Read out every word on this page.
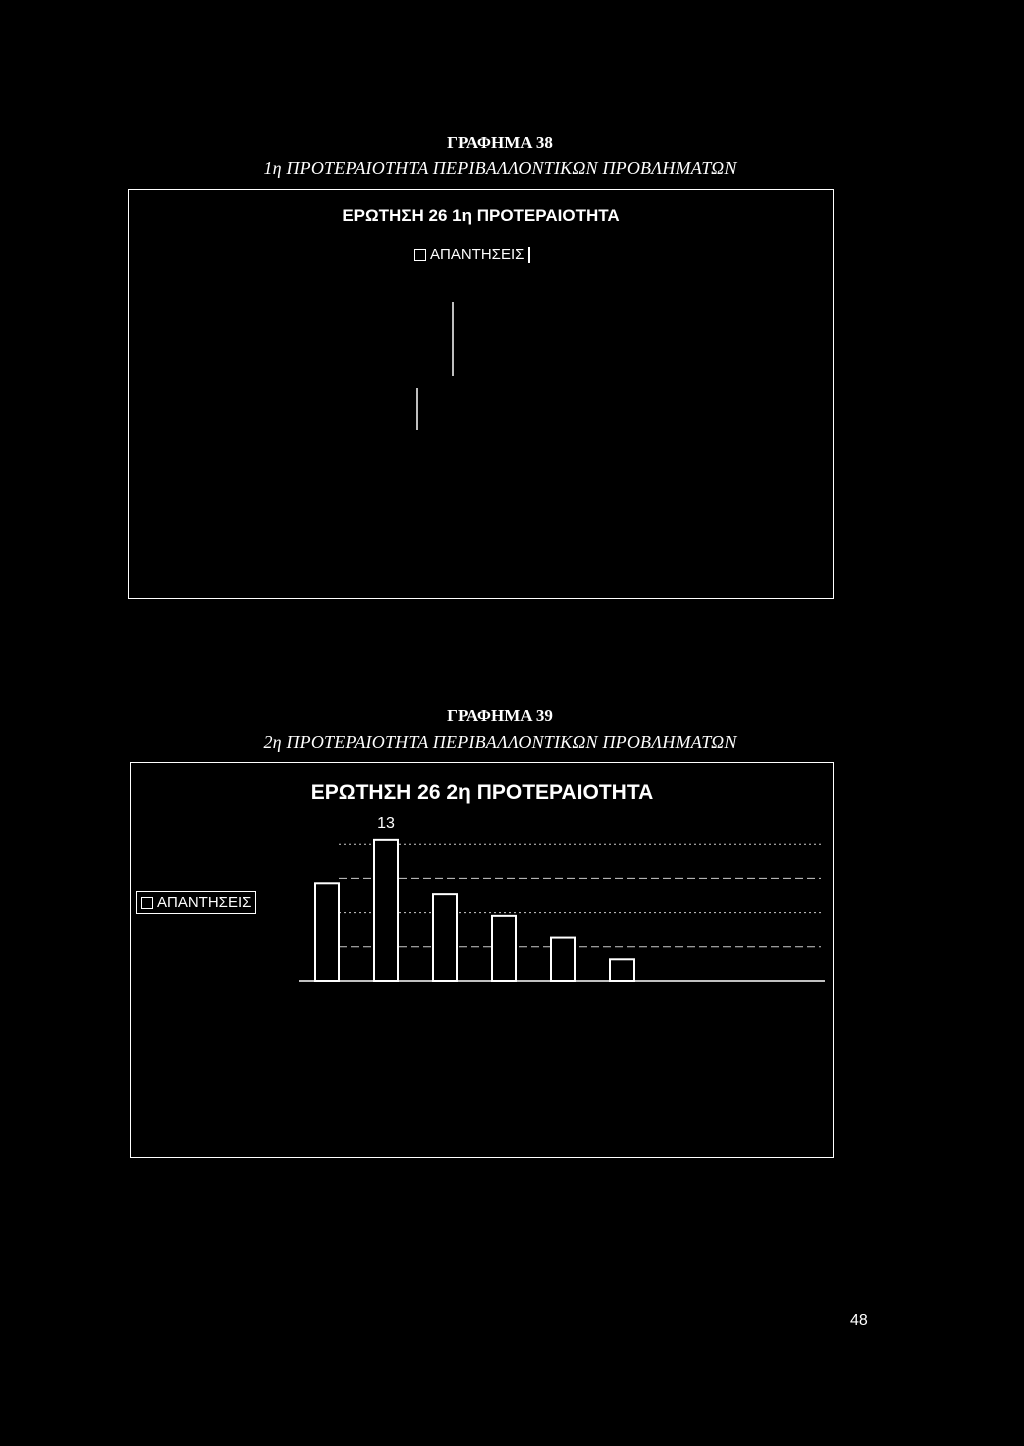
ΓΡΑΦΗΜΑ 38
1η ΠΡΟΤΕΡΑΙΟΤΗΤΑ ΠΕΡΙΒΑΛΛΟΝΤΙΚΩΝ ΠΡΟΒΛΗΜΑΤΩΝ
ΕΡΩΤΗΣΗ 26 1η ΠΡΟΤΕΡΑΙΟΤΗΤΑ
ΑΠΑΝΤΗΣΕΙΣ
ΓΡΑΦΗΜΑ 39
2η ΠΡΟΤΕΡΑΙΟΤΗΤΑ ΠΕΡΙΒΑΛΛΟΝΤΙΚΩΝ ΠΡΟΒΛΗΜΑΤΩΝ
ΕΡΩΤΗΣΗ 26 2η ΠΡΟΤΕΡΑΙΟΤΗΤΑ
ΑΠΑΝΤΗΣΕΙΣ
13
48
